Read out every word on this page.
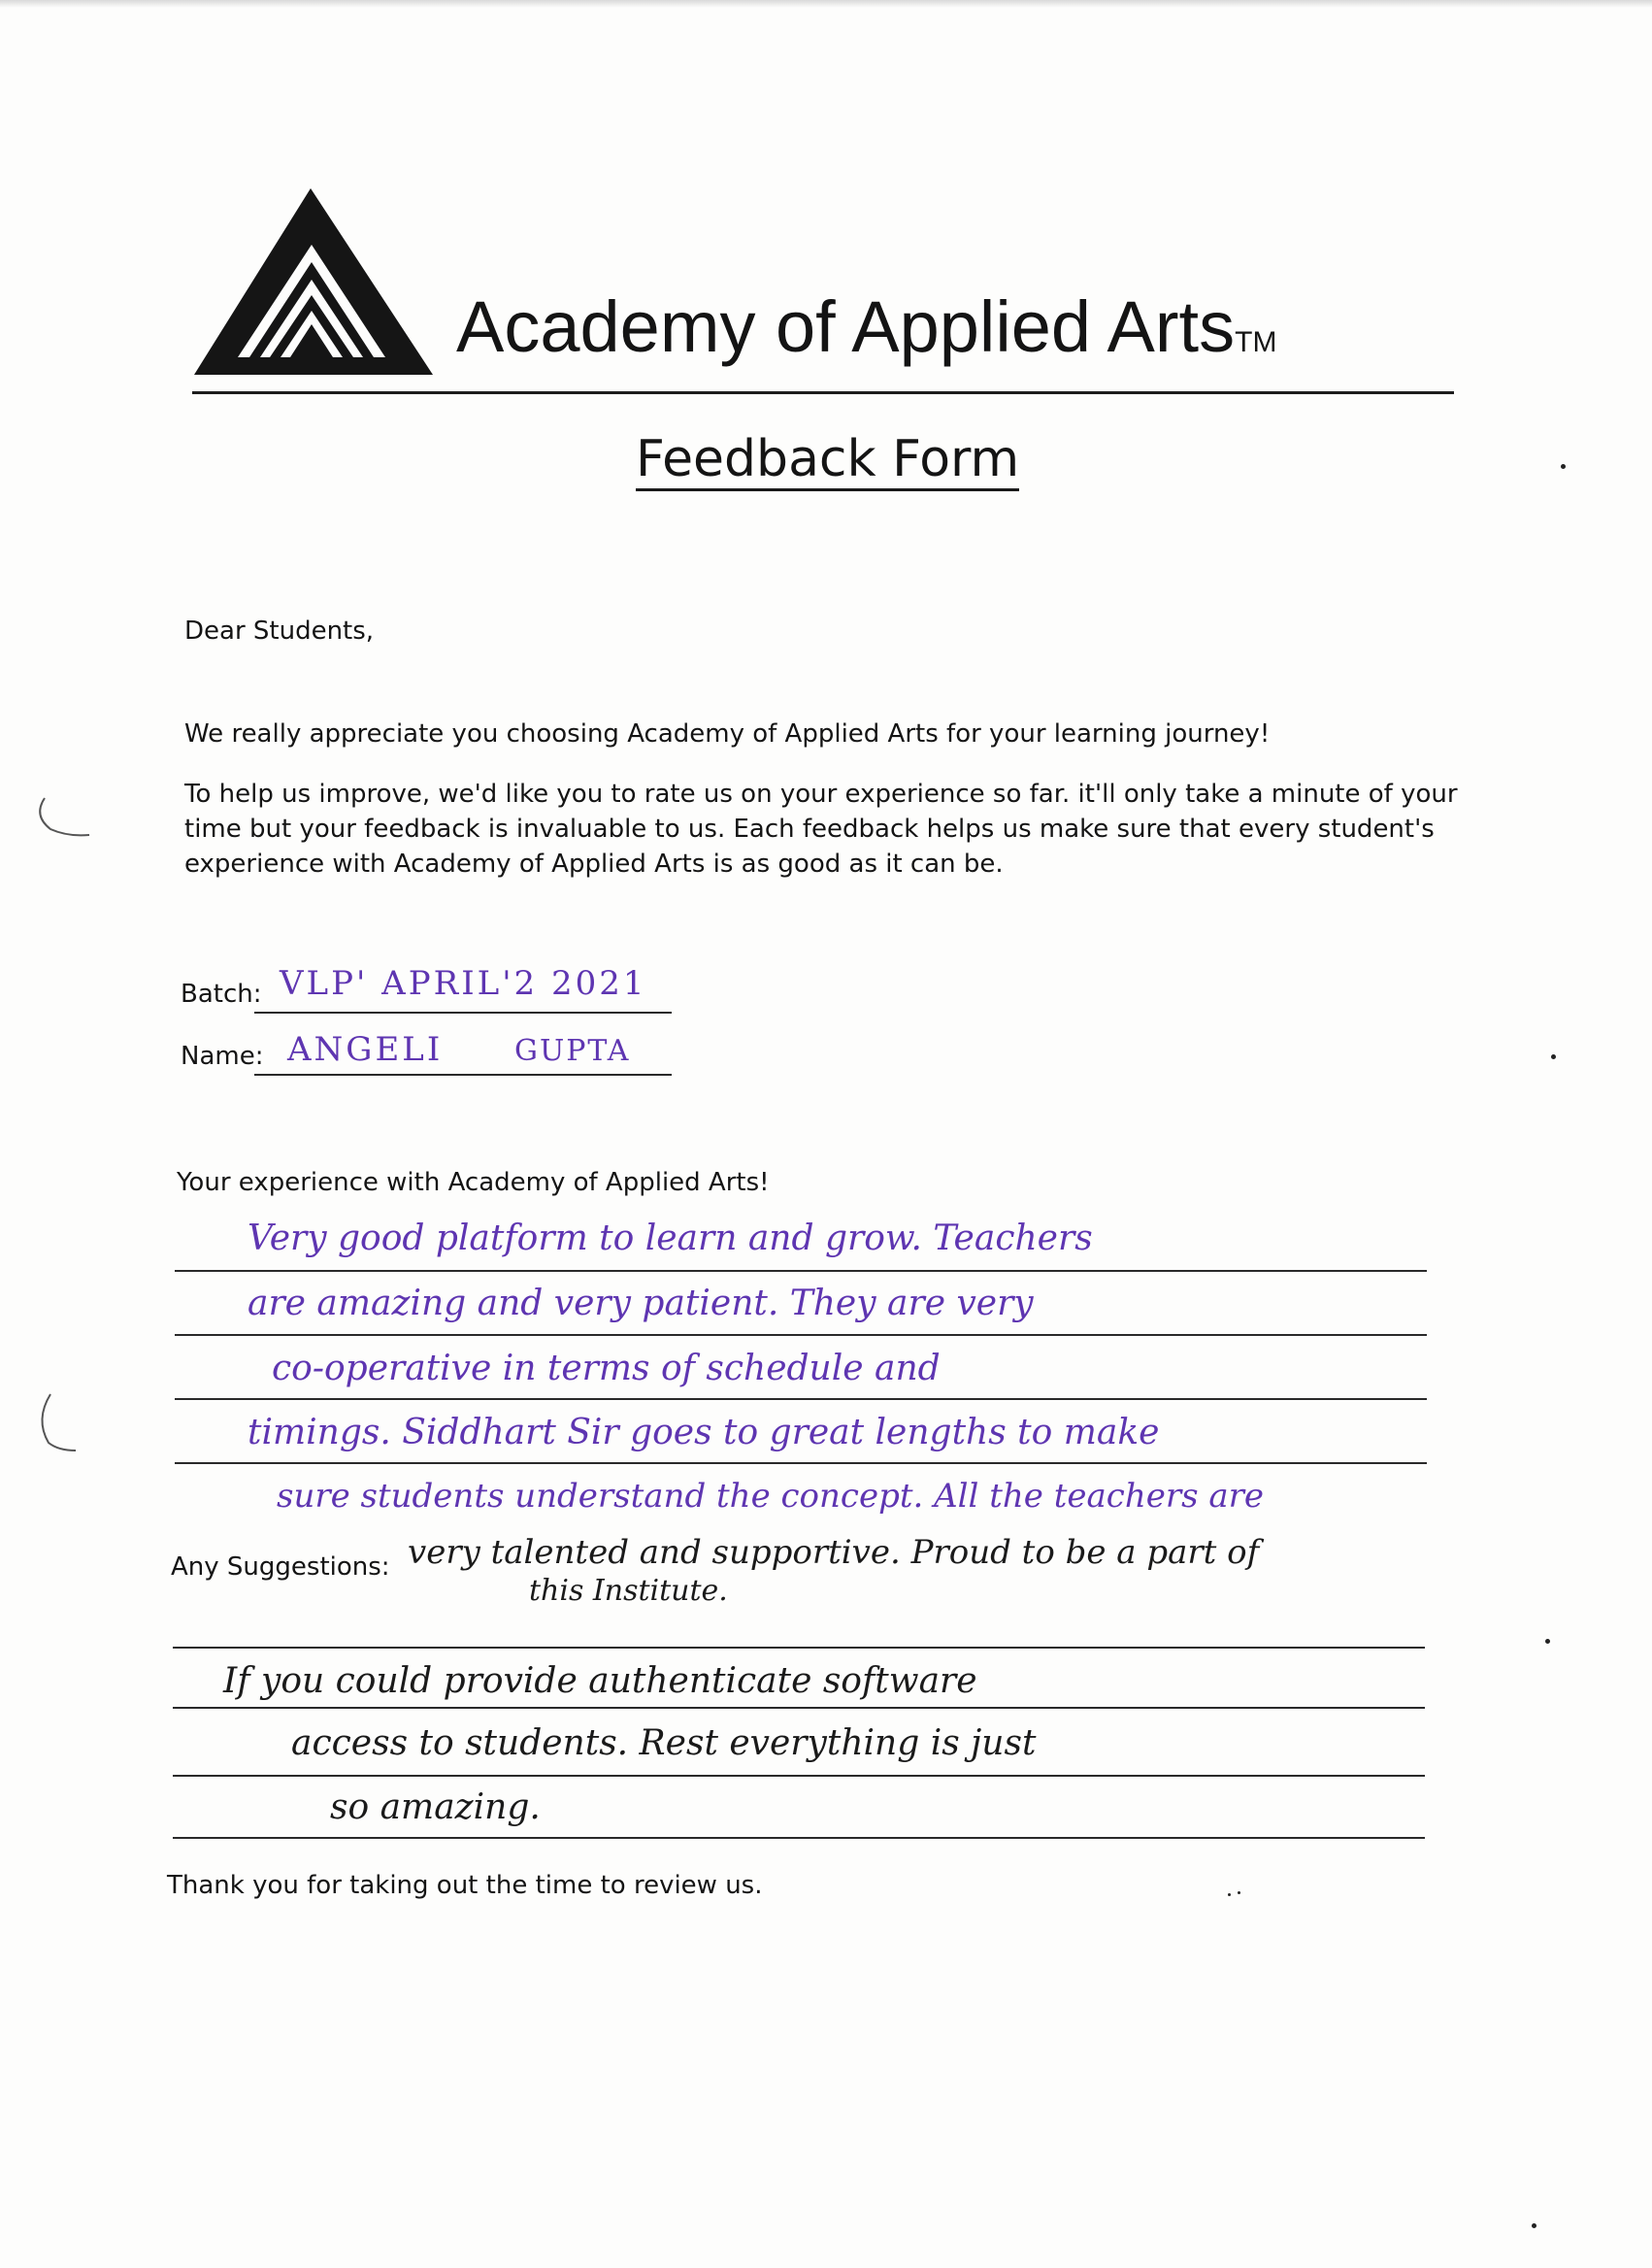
Academy of Applied ArtsTM
Feedback Form
Dear Students,
We really appreciate you choosing Academy of Applied Arts for your learning journey!
To help us improve, we'd like you to rate us on your experience so far. it'll only take a minute of your
time but your feedback is invaluable to us. Each feedback helps us make sure that every student's
experience with Academy of Applied Arts is as good as it can be.
Batch: VLP' APRIL'2 2021
Name: ANGELI GUPTA
Your experience with Academy of Applied Arts!
Very good platform to learn and grow. Teachers
are amazing and very patient. They are very
co-operative in terms of schedule and
timings. Siddhart Sir goes to great lengths to make
sure students understand the concept. All the teachers are
very talented and supportive. Proud to be a part of
this Institute.
Any Suggestions:
If you could provide authenticate software
access to students. Rest everything is just
so amazing.
Thank you for taking out the time to review us.
